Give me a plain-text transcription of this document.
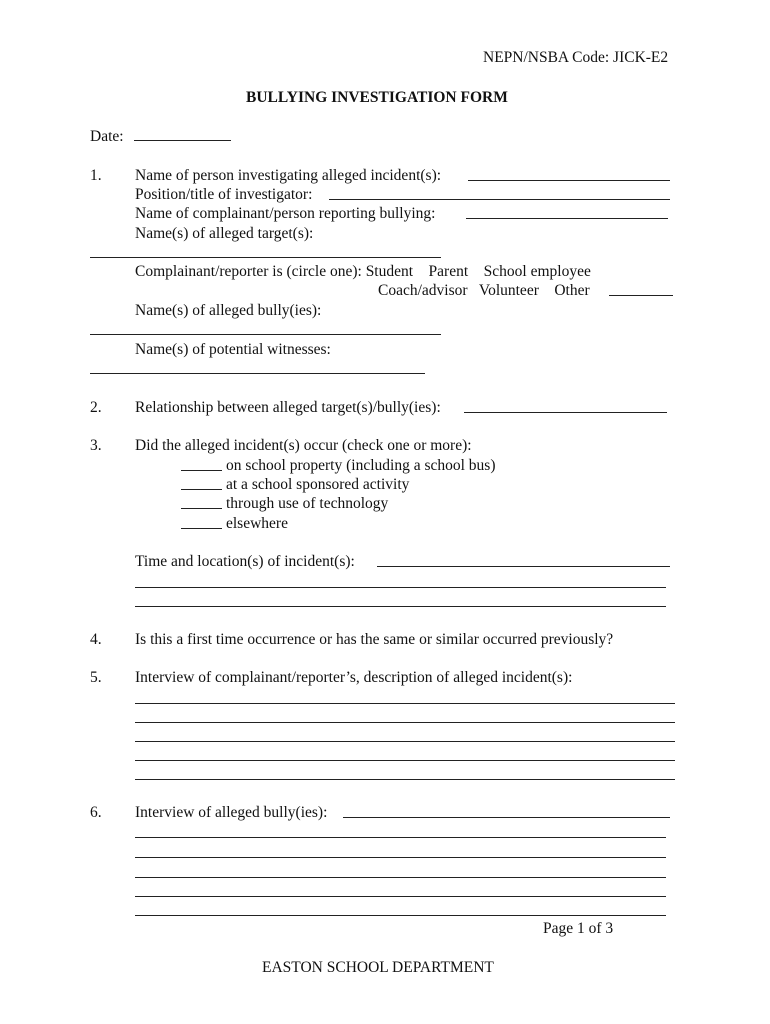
NEPN/NSBA Code: JICK-E2
BULLYING INVESTIGATION FORM
Date:
1. Name of person investigating alleged incident(s):
Position/title of investigator:
Name of complainant/person reporting bullying:
Name(s) of alleged target(s):
Complainant/reporter is (circle one): Student    Parent    School employee
Coach/advisor   Volunteer    Other
Name(s) of alleged bully(ies):
Name(s) of potential witnesses:
2. Relationship between alleged target(s)/bully(ies):
3. Did the alleged incident(s) occur (check one or more):
on school property (including a school bus)
at a school sponsored activity
through use of technology
elsewhere
Time and location(s) of incident(s):
4. Is this a first time occurrence or has the same or similar occurred previously?
5. Interview of complainant/reporter’s, description of alleged incident(s):
6. Interview of alleged bully(ies):
Page 1 of 3
EASTON SCHOOL DEPARTMENT
